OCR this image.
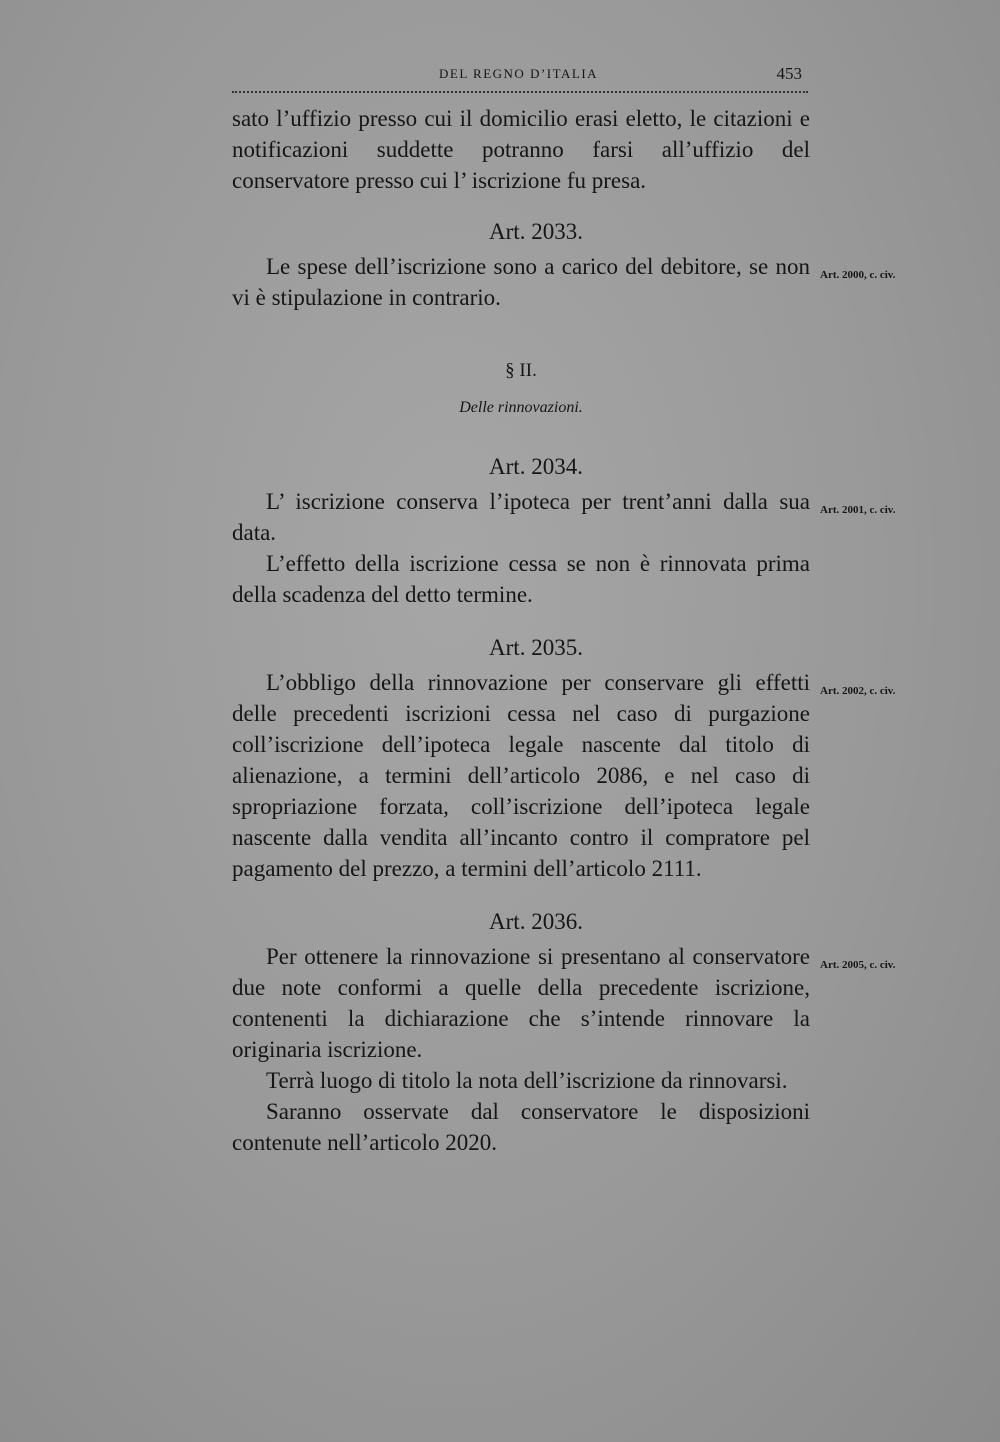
DEL REGNO D’ITALIA	453

sato l’uffizio presso cui il domicilio erasi eletto, le citazioni e notificazioni suddette potranno farsi all’uffizio del conservatore presso cui l’ iscrizione fu presa.

Art. 2033.

Art. 2000, c. civ.

Le spese dell’iscrizione sono a carico del debitore, se non vi è stipulazione in contrario.

§ II.

Delle rinnovazioni.

Art. 2034.

Art. 2001, c. civ.

L’ iscrizione conserva l’ipoteca per trent’anni dalla sua data.

L’effetto della iscrizione cessa se non è rinnovata prima della scadenza del detto termine.

Art. 2035.

Art. 2002, c. civ.

L’obbligo della rinnovazione per conservare gli effetti delle precedenti iscrizioni cessa nel caso di purgazione coll’iscrizione dell’ipoteca legale nascente dal titolo di alienazione, a termini dell’articolo 2086, e nel caso di spropriazione forzata, coll’iscrizione dell’ipoteca legale nascente dalla vendita all’incanto contro il compratore pel pagamento del prezzo, a termini dell’articolo 2111.

Art. 2036.

Art. 2005, c. civ.

Per ottenere la rinnovazione si presentano al conservatore due note conformi a quelle della precedente iscrizione, contenenti la dichiarazione che s’intende rinnovare la originaria iscrizione.

Terrà luogo di titolo la nota dell’iscrizione da rinnovarsi.

Saranno osservate dal conservatore le disposizioni contenute nell’articolo 2020.
